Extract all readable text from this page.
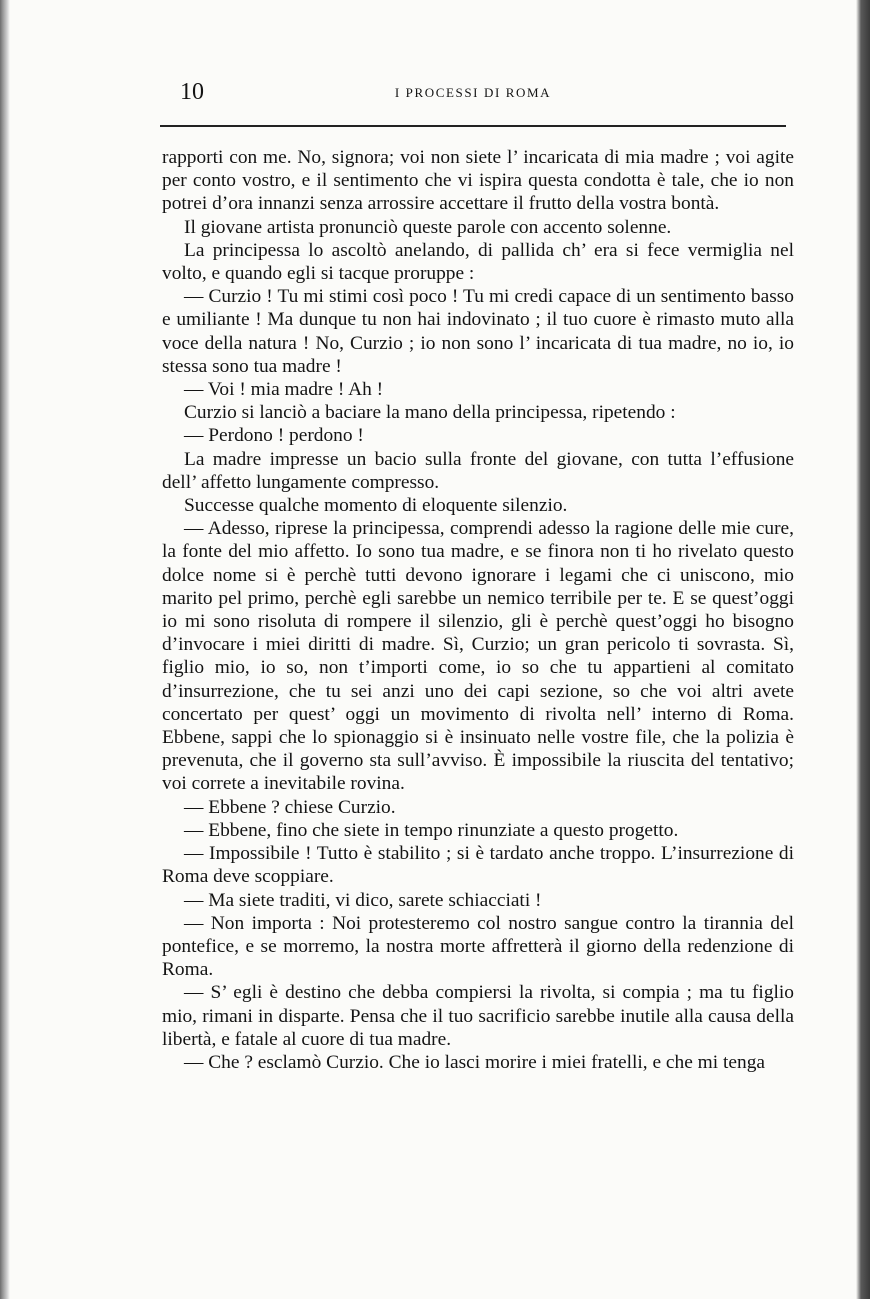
10	I PROCESSI DI ROMA

rapporti con me. No, signora; voi non siete l’ incaricata di mia madre ; voi agite per conto vostro, e il sentimento che vi ispira questa condotta è tale, che io non potrei d’ora innanzi senza arrossire accettare il frutto della vostra bontà.

Il giovane artista pronunciò queste parole con accento solenne.

La principessa lo ascoltò anelando, di pallida ch’ era si fece vermiglia nel volto, e quando egli si tacque proruppe :

— Curzio ! Tu mi stimi così poco ! Tu mi credi capace di un sentimento basso e umiliante ! Ma dunque tu non hai indovinato ; il tuo cuore è rimasto muto alla voce della natura ! No, Curzio ; io non sono l’ incaricata di tua madre, no io, io stessa sono tua madre !

— Voi ! mia madre ! Ah !

Curzio si lanciò a baciare la mano della principessa, ripetendo :

— Perdono ! perdono !

La madre impresse un bacio sulla fronte del giovane, con tutta l’effusione dell’ affetto lungamente compresso.

Successe qualche momento di eloquente silenzio.

— Adesso, riprese la principessa, comprendi adesso la ragione delle mie cure, la fonte del mio affetto. Io sono tua madre, e se finora non ti ho rivelato questo dolce nome si è perchè tutti devono ignorare i legami che ci uniscono, mio marito pel primo, perchè egli sarebbe un nemico terribile per te. E se quest’oggi io mi sono risoluta di rompere il silenzio, gli è perchè quest’oggi ho bisogno d’invocare i miei diritti di madre. Sì, Curzio; un gran pericolo ti sovrasta. Sì, figlio mio, io so, non t’importi come, io so che tu appartieni al comitato d’insurrezione, che tu sei anzi uno dei capi sezione, so che voi altri avete concertato per quest’ oggi un movimento di rivolta nell’ interno di Roma. Ebbene, sappi che lo spionaggio si è insinuato nelle vostre file, che la polizia è prevenuta, che il governo sta sull’avviso. È impossibile la riuscita del tentativo; voi correte a inevitabile rovina.

— Ebbene ? chiese Curzio.

— Ebbene, fino che siete in tempo rinunziate a questo progetto.

— Impossibile ! Tutto è stabilito ; si è tardato anche troppo. L’insurrezione di Roma deve scoppiare.

— Ma siete traditi, vi dico, sarete schiacciati !

— Non importa : Noi protesteremo col nostro sangue contro la tirannia del pontefice, e se morremo, la nostra morte affretterà il giorno della redenzione di Roma.

— S’ egli è destino che debba compiersi la rivolta, si compia ; ma tu figlio mio, rimani in disparte. Pensa che il tuo sacrificio sarebbe inutile alla causa della libertà, e fatale al cuore di tua madre.

— Che ? esclamò Curzio. Che io lasci morire i miei fratelli, e che mi tenga
